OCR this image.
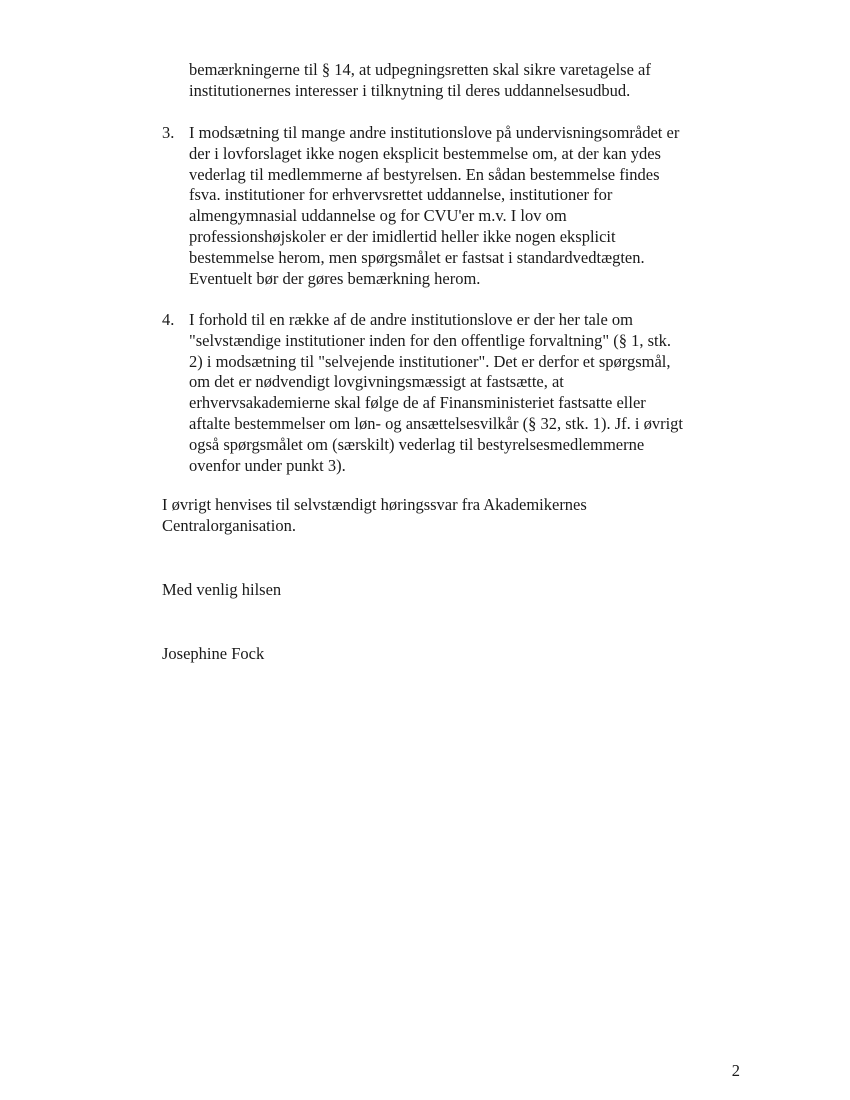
bemærkningerne til § 14, at udpegningsretten skal sikre varetagelse af
institutionernes interesser i tilknytning til deres uddannelsesudbud.
3. I modsætning til mange andre institutionslove på undervisningsområdet er
der i lovforslaget ikke nogen eksplicit bestemmelse om, at der kan ydes
vederlag til medlemmerne af bestyrelsen. En sådan bestemmelse findes
fsva. institutioner for erhvervsrettet uddannelse, institutioner for
almengymnasial uddannelse og for CVU'er m.v. I lov om
professionshøjskoler er der imidlertid heller ikke nogen eksplicit
bestemmelse herom, men spørgsmålet er fastsat i standardvedtægten.
Eventuelt bør der gøres bemærkning herom.
4. I forhold til en række af de andre institutionslove er der her tale om
"selvstændige institutioner inden for den offentlige forvaltning" (§ 1, stk.
2) i modsætning til "selvejende institutioner". Det er derfor et spørgsmål,
om det er nødvendigt lovgivningsmæssigt at fastsætte, at
erhvervsakademierne skal følge de af Finansministeriet fastsatte eller
aftalte bestemmelser om løn- og ansættelsesvilkår (§ 32, stk. 1). Jf. i øvrigt
også spørgsmålet om (særskilt) vederlag til bestyrelsesmedlemmerne
ovenfor under punkt 3).
I øvrigt henvises til selvstændigt høringssvar fra Akademikernes
Centralorganisation.
Med venlig hilsen
Josephine Fock
2
